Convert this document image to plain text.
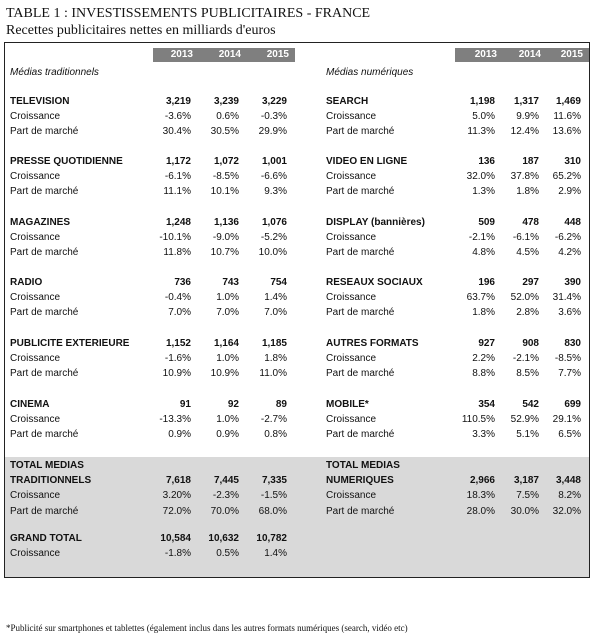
TABLE 1 : INVESTISSEMENTS PUBLICITAIRES - FRANCE
Recettes publicitaires nettes en milliards d'euros
2013	2014	2015	2013	2014	2015
Médias traditionnels	Médias numériques
TELEVISION	3,219	3,239	3,229
Croissance	-3.6%	0.6%	-0.3%
Part de marché	30.4%	30.5%	29.9%
PRESSE QUOTIDIENNE	1,172	1,072	1,001
Croissance	-6.1%	-8.5%	-6.6%
Part de marché	11.1%	10.1%	9.3%
MAGAZINES	1,248	1,136	1,076
Croissance	-10.1%	-9.0%	-5.2%
Part de marché	11.8%	10.7%	10.0%
RADIO	736	743	754
Croissance	-0.4%	1.0%	1.4%
Part de marché	7.0%	7.0%	7.0%
PUBLICITE EXTERIEURE	1,152	1,164	1,185
Croissance	-1.6%	1.0%	1.8%
Part de marché	10.9%	10.9%	11.0%
CINEMA	91	92	89
Croissance	-13.3%	1.0%	-2.7%
Part de marché	0.9%	0.9%	0.8%
TOTAL MEDIAS
TRADITIONNELS	7,618	7,445	7,335
Croissance	3.20%	-2.3%	-1.5%
Part de marché	72.0%	70.0%	68.0%
GRAND TOTAL	10,584	10,632	10,782
Croissance	-1.8%	0.5%	1.4%
SEARCH	1,198	1,317	1,469
Croissance	5.0%	9.9%	11.6%
Part de marché	11.3%	12.4%	13.6%
VIDEO EN LIGNE	136	187	310
Croissance	32.0%	37.8%	65.2%
Part de marché	1.3%	1.8%	2.9%
DISPLAY (bannières)	509	478	448
Croissance	-2.1%	-6.1%	-6.2%
Part de marché	4.8%	4.5%	4.2%
RESEAUX SOCIAUX	196	297	390
Croissance	63.7%	52.0%	31.4%
Part de marché	1.8%	2.8%	3.6%
AUTRES FORMATS	927	908	830
Croissance	2.2%	-2.1%	-8.5%
Part de marché	8.8%	8.5%	7.7%
MOBILE*	354	542	699
Croissance	110.5%	52.9%	29.1%
Part de marché	3.3%	5.1%	6.5%
TOTAL MEDIAS
NUMERIQUES	2,966	3,187	3,448
Croissance	18.3%	7.5%	8.2%
Part de marché	28.0%	30.0%	32.0%
*Publicité sur smartphones et tablettes (également inclus dans les autres formats numériques (search, vidéo etc)
